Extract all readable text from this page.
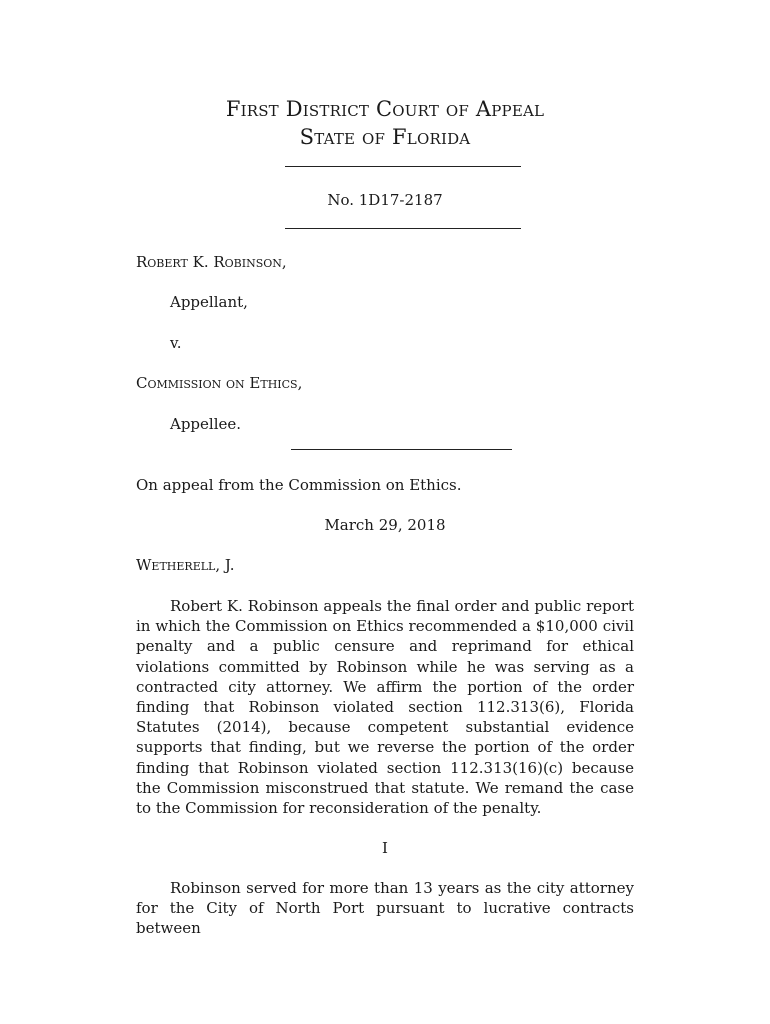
First District Court of Appeal
State of Florida
No. 1D17-2187
Robert K. Robinson,
Appellant,
v.
Commission on Ethics,
Appellee.
On appeal from the Commission on Ethics.
March 29, 2018
Wetherell, J.

Robert K. Robinson appeals the final order and public report in which the Commission on Ethics recommended a $10,000 civil penalty and a public censure and reprimand for ethical violations committed by Robinson while he was serving as a contracted city attorney. We affirm the portion of the order finding that Robinson violated section 112.313(6), Florida Statutes (2014), because competent substantial evidence supports that finding, but we reverse the portion of the order finding that Robinson violated section 112.313(16)(c) because the Commission misconstrued that statute. We remand the case to the Commission for reconsideration of the penalty.

I

Robinson served for more than 13 years as the city attorney for the City of North Port pursuant to lucrative contracts between
